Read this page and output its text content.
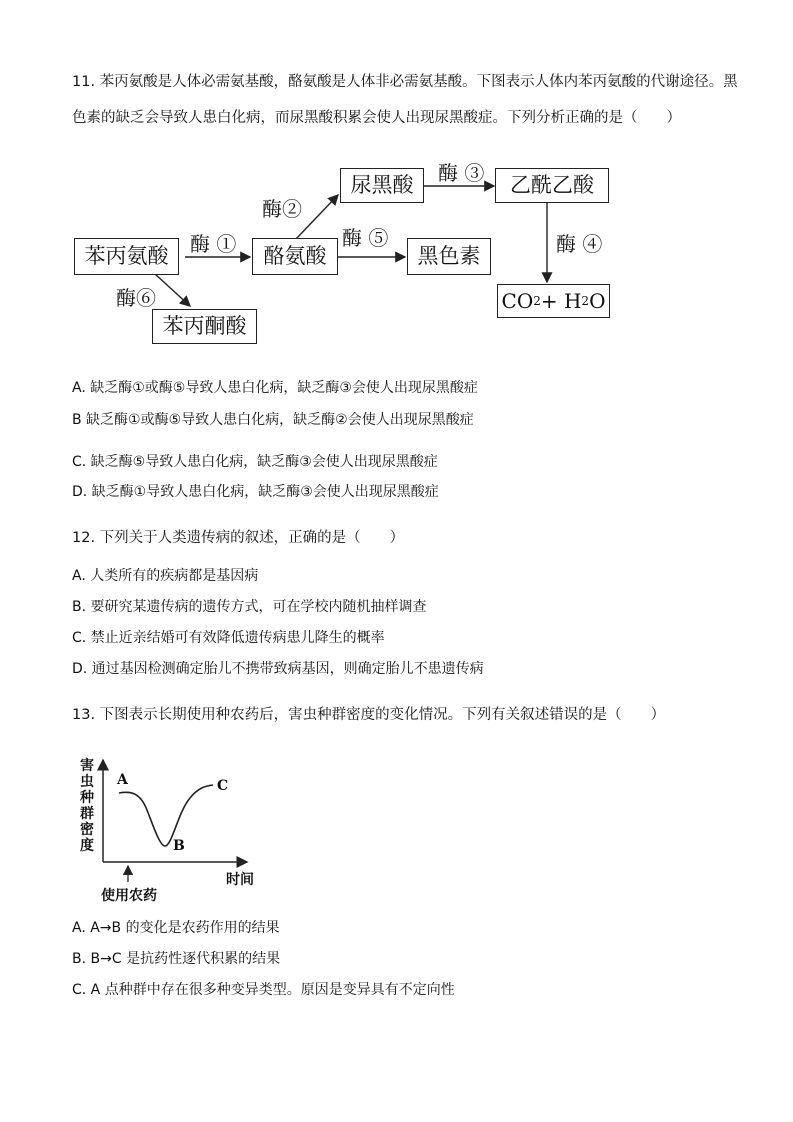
11. 苯丙氨酸是人体必需氨基酸，酪氨酸是人体非必需氨基酸。下图表示人体内苯丙氨酸的代谢途径。黑
色素的缺乏会导致人患白化病，而尿黑酸积累会使人出现尿黑酸症。下列分析正确的是（　　）
苯丙氨酸	酪氨酸
尿黑酸	乙酰乙酸
黑色素
苯丙酮酸
CO 2 + H 2 O
酶 ①
酶②
酶 ③
酶 ④
酶 ⑤
酶⑥
A. 缺乏酶①或酶⑤导致人患白化病，缺乏酶③会使人出现尿黑酸症
B 缺乏酶①或酶⑤导致人患白化病，缺乏酶②会使人出现尿黑酸症
C. 缺乏酶⑤导致人患白化病，缺乏酶③会使人出现尿黑酸症
D. 缺乏酶①导致人患白化病，缺乏酶③会使人出现尿黑酸症
12. 下列关于人类遗传病的叙述，正确的是（　　）
A. 人类所有的疾病都是基因病
B. 要研究某遗传病的遗传方式，可在学校内随机抽样调查
C. 禁止近亲结婚可有效降低遗传病患儿降生的概率
D. 通过基因检测确定胎儿不携带致病基因，则确定胎儿不患遗传病
13. 下图表示长期使用种农药后，害虫种群密度的变化情况。下列有关叙述错误的是（　　）
害虫种群密度
A
B
C
时间
使用农药
A. A→B 的变化是农药作用的结果
B. B→C 是抗药性逐代积累的结果
C. A 点种群中存在很多种变异类型。原因是变异具有不定向性
